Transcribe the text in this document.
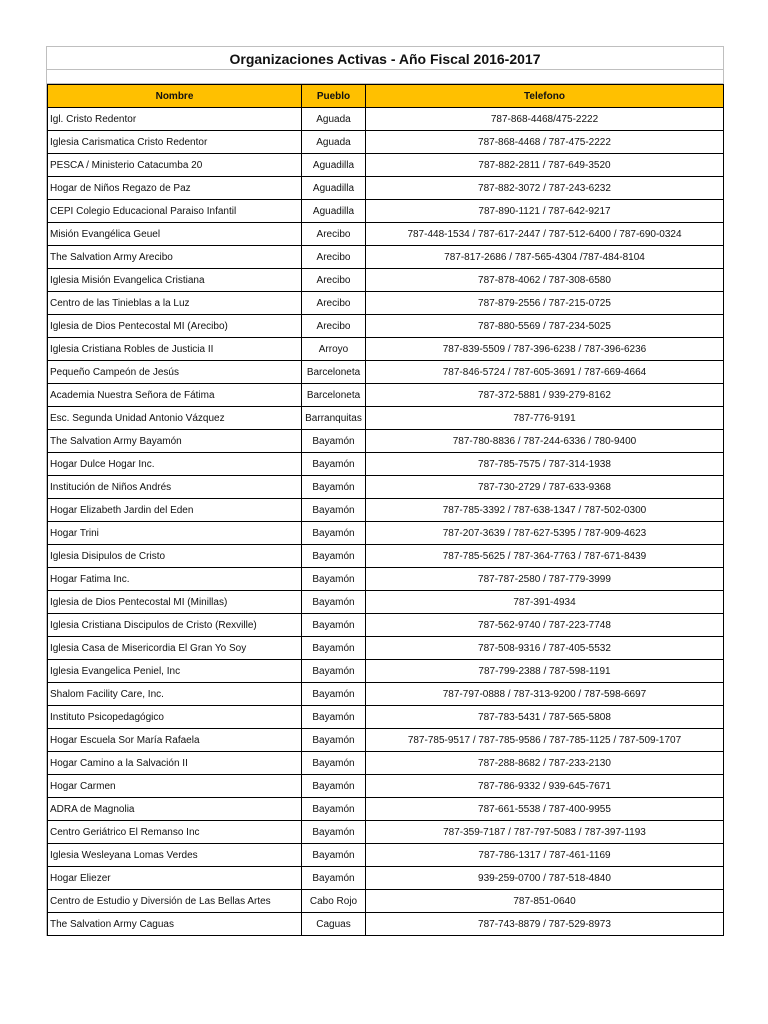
Organizaciones Activas - Año Fiscal 2016-2017
Nombre	Pueblo	Telefono
Igl. Cristo Redentor	Aguada	787-868-4468/475-2222
Iglesia Carismatica Cristo Redentor	Aguada	787-868-4468 / 787-475-2222
PESCA / Ministerio Catacumba 20	Aguadilla	787-882-2811 / 787-649-3520
Hogar de Niños Regazo de Paz	Aguadilla	787-882-3072 / 787-243-6232
CEPI Colegio Educacional Paraiso Infantil	Aguadilla	787-890-1121 / 787-642-9217
Misión Evangélica Geuel	Arecibo	787-448-1534 / 787-617-2447 / 787-512-6400 / 787-690-0324
The Salvation Army Arecibo	Arecibo	787-817-2686 / 787-565-4304 /787-484-8104
Iglesia Misión Evangelica Cristiana	Arecibo	787-878-4062 / 787-308-6580
Centro de las Tinieblas a la Luz	Arecibo	787-879-2556 / 787-215-0725
Iglesia de Dios Pentecostal MI (Arecibo)	Arecibo	787-880-5569 / 787-234-5025
Iglesia Cristiana Robles de Justicia II	Arroyo	787-839-5509 / 787-396-6238 / 787-396-6236
Pequeño Campeón de Jesús	Barceloneta	787-846-5724 / 787-605-3691 / 787-669-4664
Academia Nuestra Señora de Fátima	Barceloneta	787-372-5881 / 939-279-8162
Esc. Segunda Unidad Antonio Vázquez	Barranquitas	787-776-9191
The Salvation Army Bayamón	Bayamón	787-780-8836 / 787-244-6336 / 780-9400
Hogar Dulce Hogar Inc.	Bayamón	787-785-7575 / 787-314-1938
Institución de Niños Andrés	Bayamón	787-730-2729 / 787-633-9368
Hogar Elizabeth Jardin del Eden	Bayamón	787-785-3392 / 787-638-1347 / 787-502-0300
Hogar Trini	Bayamón	787-207-3639 / 787-627-5395 / 787-909-4623
Iglesia Disipulos de Cristo	Bayamón	787-785-5625 / 787-364-7763 / 787-671-8439
Hogar Fatima Inc.	Bayamón	787-787-2580 / 787-779-3999
Iglesia de Dios Pentecostal MI (Minillas)	Bayamón	787-391-4934
Iglesia Cristiana Discipulos de Cristo (Rexville)	Bayamón	787-562-9740 / 787-223-7748
Iglesia Casa de Misericordia El Gran Yo Soy	Bayamón	787-508-9316 / 787-405-5532
Iglesia Evangelica Peniel, Inc	Bayamón	787-799-2388 / 787-598-1191
Shalom Facility Care, Inc.	Bayamón	787-797-0888 / 787-313-9200 / 787-598-6697
Instituto Psicopedagógico	Bayamón	787-783-5431 / 787-565-5808
Hogar Escuela Sor María Rafaela	Bayamón	787-785-9517 / 787-785-9586 / 787-785-1125 / 787-509-1707
Hogar Camino a la Salvación II	Bayamón	787-288-8682 / 787-233-2130
Hogar Carmen	Bayamón	787-786-9332 / 939-645-7671
ADRA de Magnolia	Bayamón	787-661-5538 / 787-400-9955
Centro Geriátrico El Remanso Inc	Bayamón	787-359-7187 / 787-797-5083 / 787-397-1193
Iglesia Wesleyana Lomas Verdes	Bayamón	787-786-1317 / 787-461-1169
Hogar Eliezer	Bayamón	939-259-0700 / 787-518-4840
Centro de Estudio y Diversión de Las Bellas Artes	Cabo Rojo	787-851-0640
The Salvation Army Caguas	Caguas	787-743-8879 / 787-529-8973
